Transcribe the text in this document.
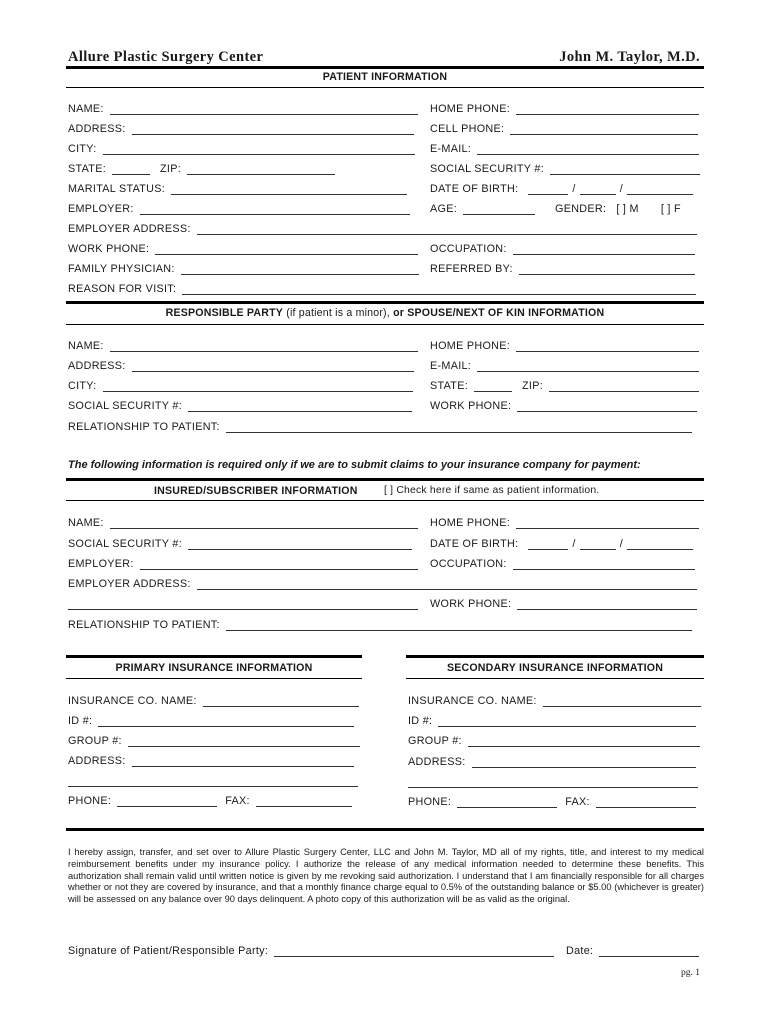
Allure Plastic Surgery Center	John M. Taylor, M.D.
PATIENT INFORMATION
NAME:	HOME PHONE:
ADDRESS:	CELL PHONE:
CITY:	E-MAIL:
STATE:	ZIP:	SOCIAL SECURITY #:
MARITAL STATUS:	DATE OF BIRTH:	/	/
EMPLOYER:	AGE:	GENDER: [ ] M [ ] F
EMPLOYER ADDRESS:
WORK PHONE:	OCCUPATION:
FAMILY PHYSICIAN:	REFERRED BY:
REASON FOR VISIT:
RESPONSIBLE PARTY (if patient is a minor), or SPOUSE/NEXT OF KIN INFORMATION
NAME:	HOME PHONE:
ADDRESS:	E-MAIL:
CITY:	STATE:	ZIP:
SOCIAL SECURITY #:	WORK PHONE:
RELATIONSHIP TO PATIENT:
The following information is required only if we are to submit claims to your insurance company for payment:
INSURED/SUBSCRIBER INFORMATION	[ ] Check here if same as patient information.
NAME:	HOME PHONE:
SOCIAL SECURITY #:	DATE OF BIRTH:	/	/
EMPLOYER:	OCCUPATION:
EMPLOYER ADDRESS:
WORK PHONE:
RELATIONSHIP TO PATIENT:
PRIMARY INSURANCE INFORMATION	SECONDARY INSURANCE INFORMATION
INSURANCE CO. NAME:
ID #:
GROUP #:
ADDRESS:
PHONE:	FAX:
INSURANCE CO. NAME:
ID #:
GROUP #:
ADDRESS:
PHONE:	FAX:
I hereby assign, transfer, and set over to Allure Plastic Surgery Center, LLC and John M. Taylor, MD all of my rights, title, and interest to my medical reimbursement benefits under my insurance policy. I authorize the release of any medical information needed to determine these benefits. This authorization shall remain valid until written notice is given by me revoking said authorization. I understand that I am financially responsible for all charges whether or not they are covered by insurance, and that a monthly finance charge equal to 0.5% of the outstanding balance or $5.00 (whichever is greater) will be assessed on any balance over 90 days delinquent. A photo copy of this authorization will be as valid as the original.
Signature of Patient/Responsible Party:	Date:
pg. 1
